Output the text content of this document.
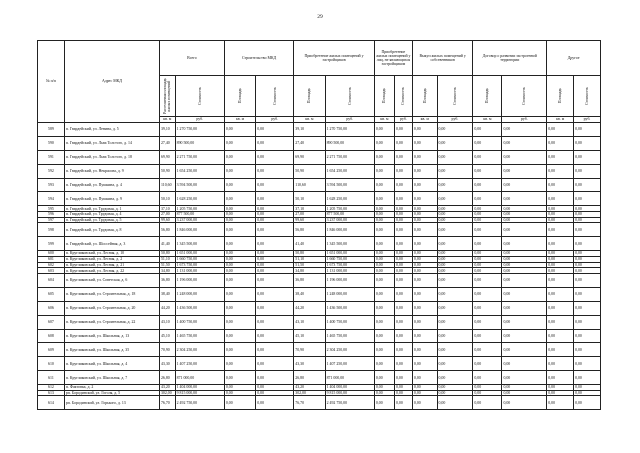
29
№ п/п	Адрес МКД	Всего		Строительство МКД		Приобретение жилых помещений у застройщиков		Приобретение жилых помещений у лиц, не являющихся застройщиком		Выкуп жилых помещений у собственников		Договор о развитии застроенной территории		Другое	

		Расселяемая площадь жилых помещений	Стоимость	Площадь	Стоимость	Площадь	Стоимость	Площадь	Стоимость	Площадь	Стоимость	Площадь	Стоимость	Площадь	Стоимость

		кв. м	руб.	кв. м	руб.	кв. м	руб.	кв. м	руб.	кв. м	руб.	кв. м	руб.	кв. м	руб.
589	п. Гвардейский, ул. Ленина, д. 5	39,10	1 270 750,00	0,00	0,00	39,10	1 270 750,00	0,00	0,00	0,00	0,00	0,00	0,00	0,00	0,00
590	п. Гвардейский, ул. Льва Толстого, д. 14	27,40	890 500,00	0,00	0,00	27,40	890 500,00	0,00	0,00	0,00	0,00	0,00	0,00	0,00	0,00
591	п. Гвардейский, ул. Льва Толстого, д. 18	69,90	2 271 750,00	0,00	0,00	69,90	2 271 750,00	0,00	0,00	0,00	0,00	0,00	0,00	0,00	0,00
592	п. Гвардейский, ул. Некрасова, д. 9	50,90	1 654 250,00	0,00	0,00	50,90	1 654 250,00	0,00	0,00	0,00	0,00	0,00	0,00	0,00	0,00
593	п. Гвардейский, ул. Пушкина, д. 4	110,60	3 594 500,00	0,00	0,00	110,60	3 594 500,00	0,00	0,00	0,00	0,00	0,00	0,00	0,00	0,00
594	п. Гвардейский, ул. Пушкина, д. 9	50,10	1 628 250,00	0,00	0,00	50,10	1 628 250,00	0,00	0,00	0,00	0,00	0,00	0,00	0,00	0,00
595	п. Гвардейский, ул. Трудовая, д. 1	37,10	1 205 750,00	0,00	0,00	37,10	1 205 750,00	0,00	0,00	0,00	0,00	0,00	0,00	0,00	0,00
596	п. Гвардейский, ул. Трудовая, д. 4	27,00	877 500,00	0,00	0,00	27,00	877 500,00	0,00	0,00	0,00	0,00	0,00	0,00	0,00	0,00
597	п. Гвардейский, ул. Трудовая, д. 5	99,60	3 237 000,00	0,00	0,00	99,60	3 237 000,00	0,00	0,00	0,00	0,00	0,00	0,00	0,00	0,00
598	п. Гвардейский, ул. Трудовая, д. 8	56,80	1 846 000,00	0,00	0,00	56,80	1 846 000,00	0,00	0,00	0,00	0,00	0,00	0,00	0,00	0,00
599	п. Гвардейский, ул. Шоссейная, д. 3	41,40	1 345 500,00	0,00	0,00	41,40	1 345 500,00	0,00	0,00	0,00	0,00	0,00	0,00	0,00	0,00
600	п. Кругликовский, ул. Лесная, д. 10	50,80	1 651 000,00	0,00	0,00	50,80	1 651 000,00	0,00	0,00	0,00	0,00	0,00	0,00	0,00	0,00
601	п. Кругликовский, ул. Лесная, д. 2	51,10	1 660 750,00	0,00	0,00	51,10	1 660 750,00	0,00	0,00	0,00	0,00	0,00	0,00	0,00	0,00
602	п. Кругликовский, ул. Лесная, д. 21	51,50	1 673 750,00	0,00	0,00	51,50	1 673 750,00	0,00	0,00	0,00	0,00	0,00	0,00	0,00	0,00
603	п. Кругликовский, ул. Лесная, д. 22	34,80	1 131 000,00	0,00	0,00	34,80	1 131 000,00	0,00	0,00	0,00	0,00	0,00	0,00	0,00	0,00
604	п. Кругликовский, ул. Советская, д. 6	36,80	1 196 000,00	0,00	0,00	36,80	1 196 000,00	0,00	0,00	0,00	0,00	0,00	0,00	0,00	0,00
605	п. Кругликовский, ул. Строительная, д. 18	38,40	1 248 000,00	0,00	0,00	38,40	1 248 000,00	0,00	0,00	0,00	0,00	0,00	0,00	0,00	0,00
606	п. Кругликовский, ул. Строительная, д. 20	44,20	1 436 500,00	0,00	0,00	44,20	1 436 500,00	0,00	0,00	0,00	0,00	0,00	0,00	0,00	0,00
607	п. Кругликовский, ул. Строительная, д. 22	43,10	1 400 750,00	0,00	0,00	43,10	1 400 750,00	0,00	0,00	0,00	0,00	0,00	0,00	0,00	0,00
608	п. Кругликовский, ул. Школьная, д. 13	45,10	1 465 750,00	0,00	0,00	45,10	1 465 750,00	0,00	0,00	0,00	0,00	0,00	0,00	0,00	0,00
609	п. Кругликовский, ул. Школьная, д. 35	70,90	2 304 250,00	0,00	0,00	70,90	2 304 250,00	0,00	0,00	0,00	0,00	0,00	0,00	0,00	0,00
610	п. Кругликовский, ул. Школьная, д. 4	43,30	1 407 250,00	0,00	0,00	43,30	1 407 250,00	0,00	0,00	0,00	0,00	0,00	0,00	0,00	0,00
611	п. Кругликовский, ул. Школьная, д. 7	26,80	871 000,00	0,00	0,00	26,80	871 000,00	0,00	0,00	0,00	0,00	0,00	0,00	0,00	0,00
612	п. Фактовка, д. 2	43,20	1 404 000,00	0,00	0,00	43,20	1 404 000,00	0,00	0,00	0,00	0,00	0,00	0,00	0,00	0,00
613	рп. Бородинский, ул. Гоголя, д. 5	302,00	9 815 000,00	0,00	0,00	302,00	9 815 000,00	0,00	0,00	0,00	0,00	0,00	0,00	0,00	0,00
614	рп. Бородинский, ул. Горького, д. 13	76,70	2 492 750,00	0,00	0,00	76,70	2 492 750,00	0,00	0,00	0,00	0,00	0,00	0,00	0,00	0,00
